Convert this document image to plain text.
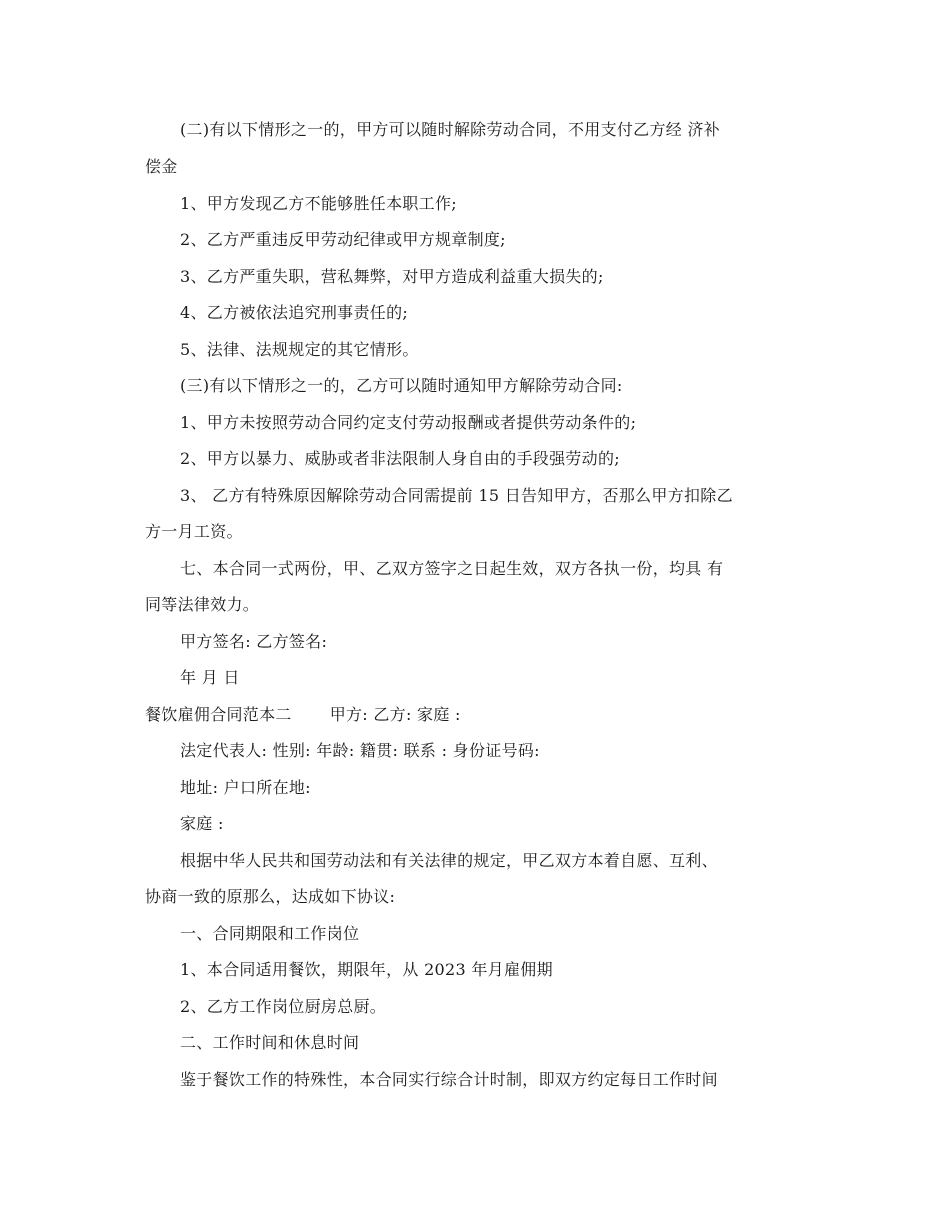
(二)有以下情形之一的，甲方可以随时解除劳动合同，不用支付乙方经 济补
偿金
1、甲方发现乙方不能够胜任本职工作;
2、乙方严重违反甲劳动纪律或甲方规章制度;
3、乙方严重失职，营私舞弊，对甲方造成利益重大损失的;
4、乙方被依法追究刑事责任的;
5、法律、法规规定的其它情形。
(三)有以下情形之一的，乙方可以随时通知甲方解除劳动合同:
1、甲方未按照劳动合同约定支付劳动报酬或者提供劳动条件的;
2、甲方以暴力、威胁或者非法限制人身自由的手段强劳动的;
3、 乙方有特殊原因解除劳动合同需提前 15 日告知甲方，否那么甲方扣除乙
方一月工资。
七、本合同一式两份，甲、乙双方签字之日起生效，双方各执一份，均具 有
同等法律效力。
甲方签名: 乙方签名:
年 月 日
餐饮雇佣合同范本二 甲方: 乙方: 家庭 :
法定代表人: 性别: 年龄: 籍贯: 联系 : 身份证号码:
地址: 户口所在地:
家庭 :
根据中华人民共和国劳动法和有关法律的规定，甲乙双方本着自愿、互利、
协商一致的原那么，达成如下协议:
一、合同期限和工作岗位
1、本合同适用餐饮，期限年，从 2023 年月雇佣期
2、乙方工作岗位厨房总厨。
二、工作时间和休息时间
鉴于餐饮工作的特殊性，本合同实行综合计时制，即双方约定每日工作时间
